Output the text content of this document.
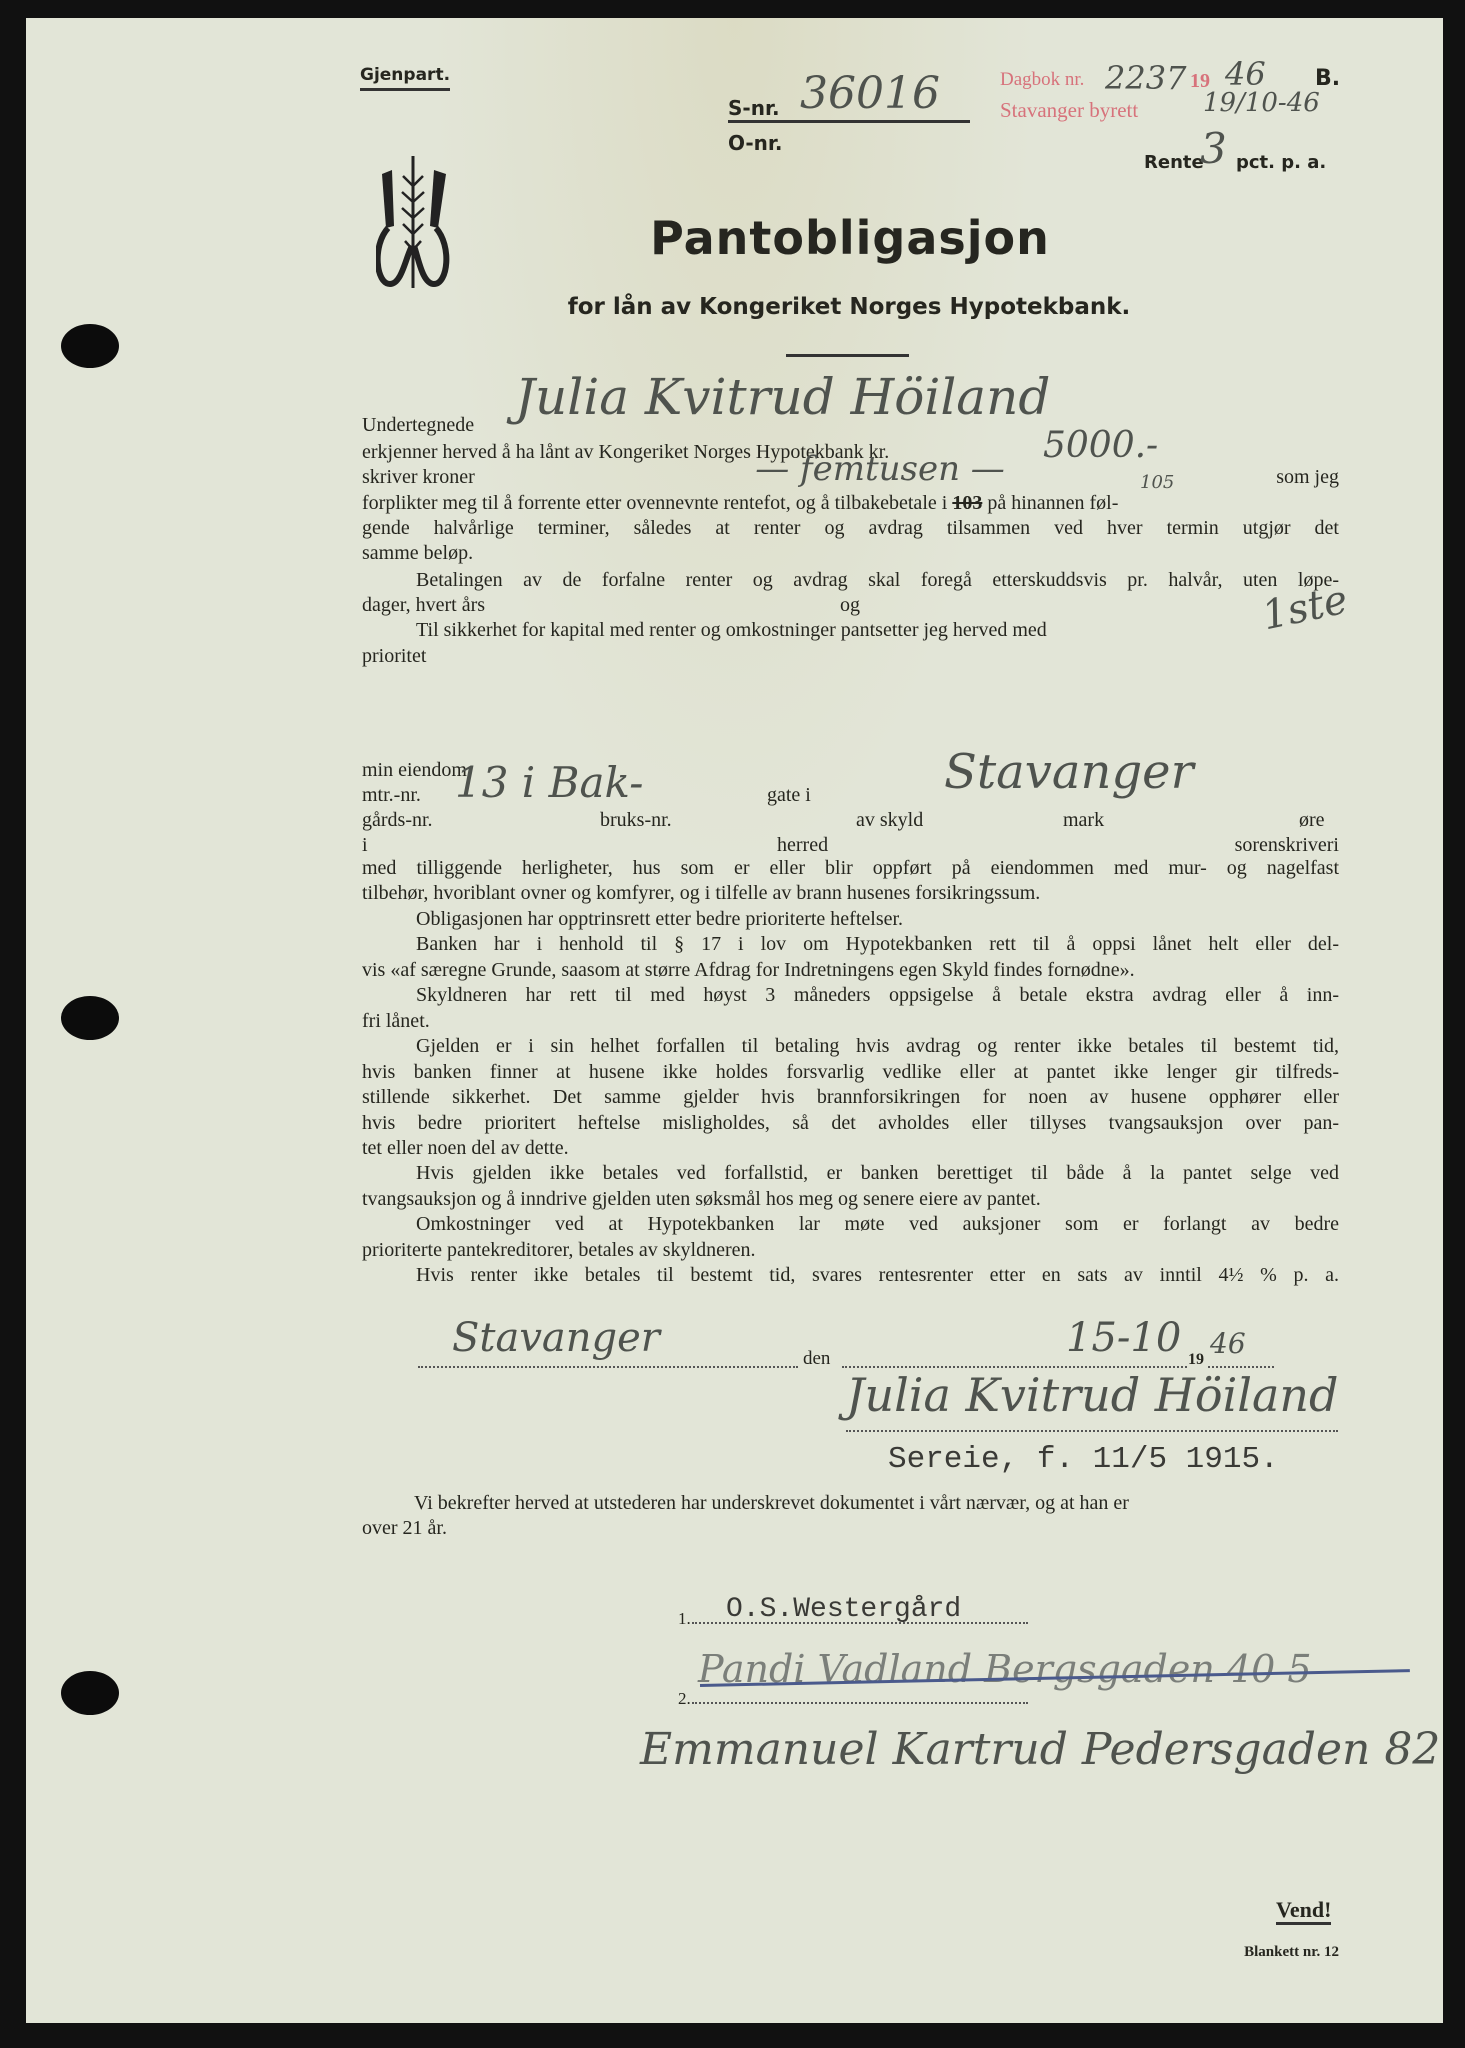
Gjenpart.
S-nr. 36016
O-nr.
Dagbok nr. 2237 19 46 B.
Stavanger byrett 19/10-46
Rente
3 pct. p. a.
Pantobligasjon
for lån av Kongeriket Norges Hypotekbank.
Undertegnede Julia Kvitrud Höiland
erkjenner herved å ha lånt av Kongeriket Norges Hypotekbank kr.	5000.-
skriver kroner	— femtusen —	som jeg
forplikter meg til å forrente etter ovennevnte rentefot, og å tilbakebetale i 103 på hinannen føl-
105
gende halvårlige terminer, således at renter og avdrag tilsammen ved hver termin utgjør det
samme beløp.
Betalingen av de forfalne renter og avdrag skal foregå etterskuddsvis pr. halvår, uten løpe-
dager, hvert års	og
Til sikkerhet for kapital med renter og omkostninger pantsetter jeg herved med	1ste
prioritet
min eiendom
mtr.-nr. 13 i Bak-	gate i	Stavanger
gårds-nr.	bruks-nr.	av skyld	mark	øre
i	herred	sorenskriveri
med tilliggende herligheter, hus som er eller blir oppført på eiendommen med mur- og nagelfast
tilbehør, hvoriblant ovner og komfyrer, og i tilfelle av brann husenes forsikringssum.
Obligasjonen har opptrinsrett etter bedre prioriterte heftelser.
Banken har i henhold til § 17 i lov om Hypotekbanken rett til å oppsi lånet helt eller del-
vis «af særegne Grunde, saasom at større Afdrag for Indretningens egen Skyld findes fornødne».
Skyldneren har rett til med høyst 3 måneders oppsigelse å betale ekstra avdrag eller å inn-
fri lånet.
Gjelden er i sin helhet forfallen til betaling hvis avdrag og renter ikke betales til bestemt tid,
hvis banken finner at husene ikke holdes forsvarlig vedlike eller at pantet ikke lenger gir tilfreds-
stillende sikkerhet. Det samme gjelder hvis brannforsikringen for noen av husene opphører eller
hvis bedre prioritert heftelse misligholdes, så det avholdes eller tillyses tvangsauksjon over pan-
tet eller noen del av dette.
Hvis gjelden ikke betales ved forfallstid, er banken berettiget til både å la pantet selge ved
tvangsauksjon og å inndrive gjelden uten søksmål hos meg og senere eiere av pantet.
Omkostninger ved at Hypotekbanken lar møte ved auksjoner som er forlangt av bedre
prioriterte pantekreditorer, betales av skyldneren.
Hvis renter ikke betales til bestemt tid, svares rentesrenter etter en sats av inntil 4½ % p. a.
Stavanger	den	15-10 19 46
Julia Kvitrud Höiland
Sereie, f. 11/5 1915.
Vi bekrefter herved at utstederen har underskrevet dokumentet i vårt nærvær, og at han er
over 21 år.
1. O.S.Westergård
2.
Pandi Vadland Bergsgaden 40 5
Emmanuel Kartrud Pedersgaden 82
Vend!
Blankett nr. 12
